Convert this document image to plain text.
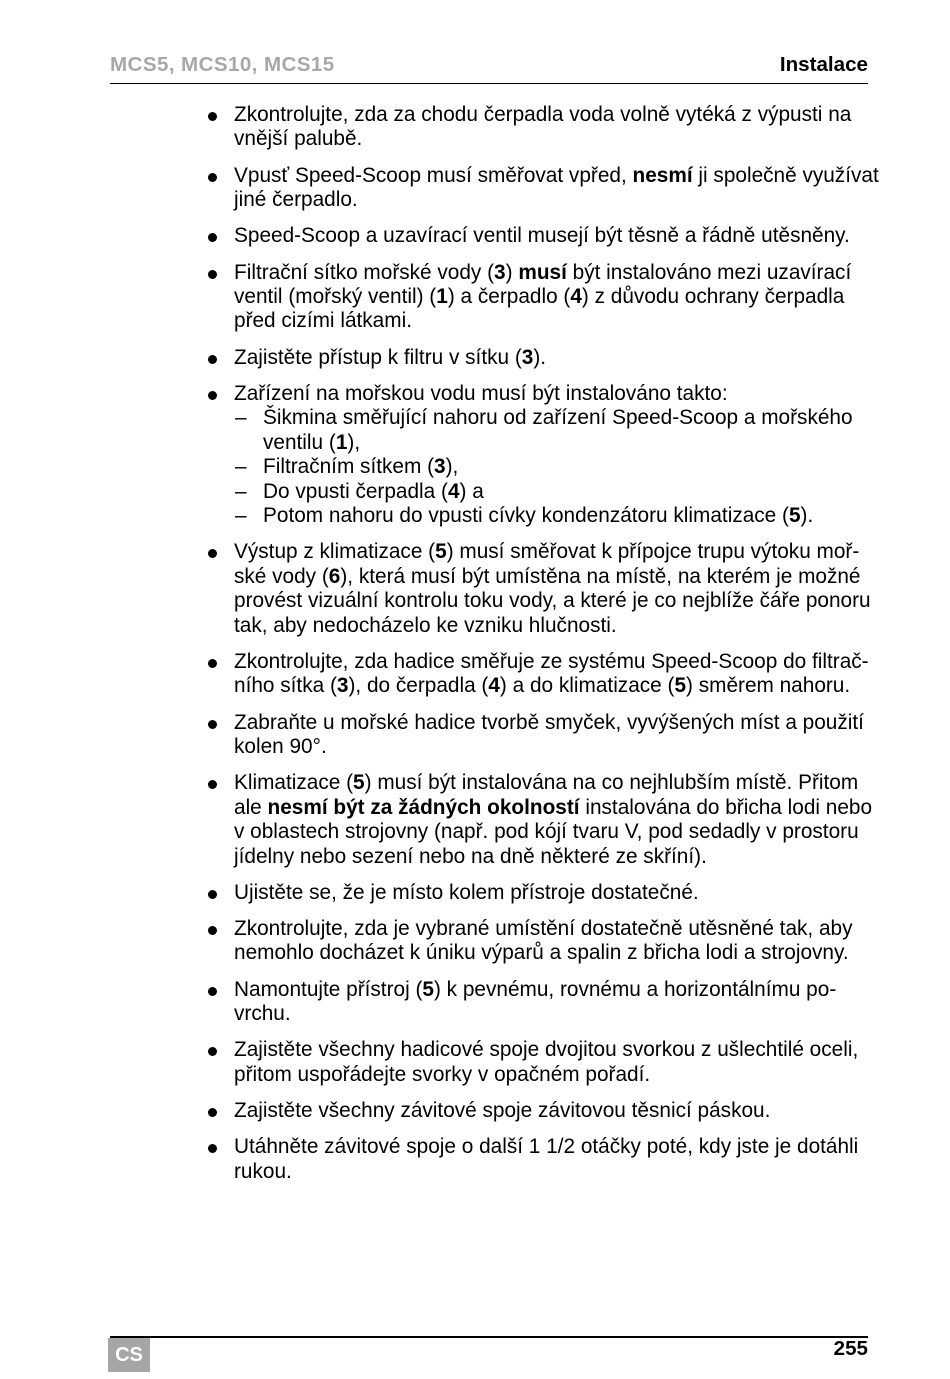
MCS5, MCS10, MCS15	Instalace
Zkontrolujte, zda za chodu čerpadla voda volně vytéká z výpusti na
vnější palubě.
Vpusť Speed-Scoop musí směřovat vpřed, nesmí ji společně využívat
jiné čerpadlo.
Speed-Scoop a uzavírací ventil musejí být těsně a řádně utěsněny.
Filtrační sítko mořské vody (3) musí být instalováno mezi uzavírací
ventil (mořský ventil) (1) a čerpadlo (4) z důvodu ochrany čerpadla
před cizími látkami.
Zajistěte přístup k filtru v sítku (3).
Zařízení na mořskou vodu musí být instalováno takto:
– Šikmina směřující nahoru od zařízení Speed-Scoop a mořského
ventilu (1),
– Filtračním sítkem (3),
– Do vpusti čerpadla (4) a
– Potom nahoru do vpusti cívky kondenzátoru klimatizace (5).
Výstup z klimatizace (5) musí směřovat k přípojce trupu výtoku moř-
ské vody (6), která musí být umístěna na místě, na kterém je možné
provést vizuální kontrolu toku vody, a které je co nejblíže čáře ponoru
tak, aby nedocházelo ke vzniku hlučnosti.
Zkontrolujte, zda hadice směřuje ze systému Speed-Scoop do filtrač-
ního sítka (3), do čerpadla (4) a do klimatizace (5) směrem nahoru.
Zabraňte u mořské hadice tvorbě smyček, vyvýšených míst a použití
kolen 90°.
Klimatizace (5) musí být instalována na co nejhlubším místě. Přitom
ale nesmí být za žádných okolností instalována do břicha lodi nebo
v oblastech strojovny (např. pod kójí tvaru V, pod sedadly v prostoru
jídelny nebo sezení nebo na dně některé ze skříní).
Ujistěte se, že je místo kolem přístroje dostatečné.
Zkontrolujte, zda je vybrané umístění dostatečně utěsněné tak, aby
nemohlo docházet k úniku výparů a spalin z břicha lodi a strojovny.
Namontujte přístroj (5) k pevnému, rovnému a horizontálnímu po-
vrchu.
Zajistěte všechny hadicové spoje dvojitou svorkou z ušlechtilé oceli,
přitom uspořádejte svorky v opačném pořadí.
Zajistěte všechny závitové spoje závitovou těsnicí páskou.
Utáhněte závitové spoje o další 1 1/2 otáčky poté, kdy jste je dotáhli
rukou.
CS	255
